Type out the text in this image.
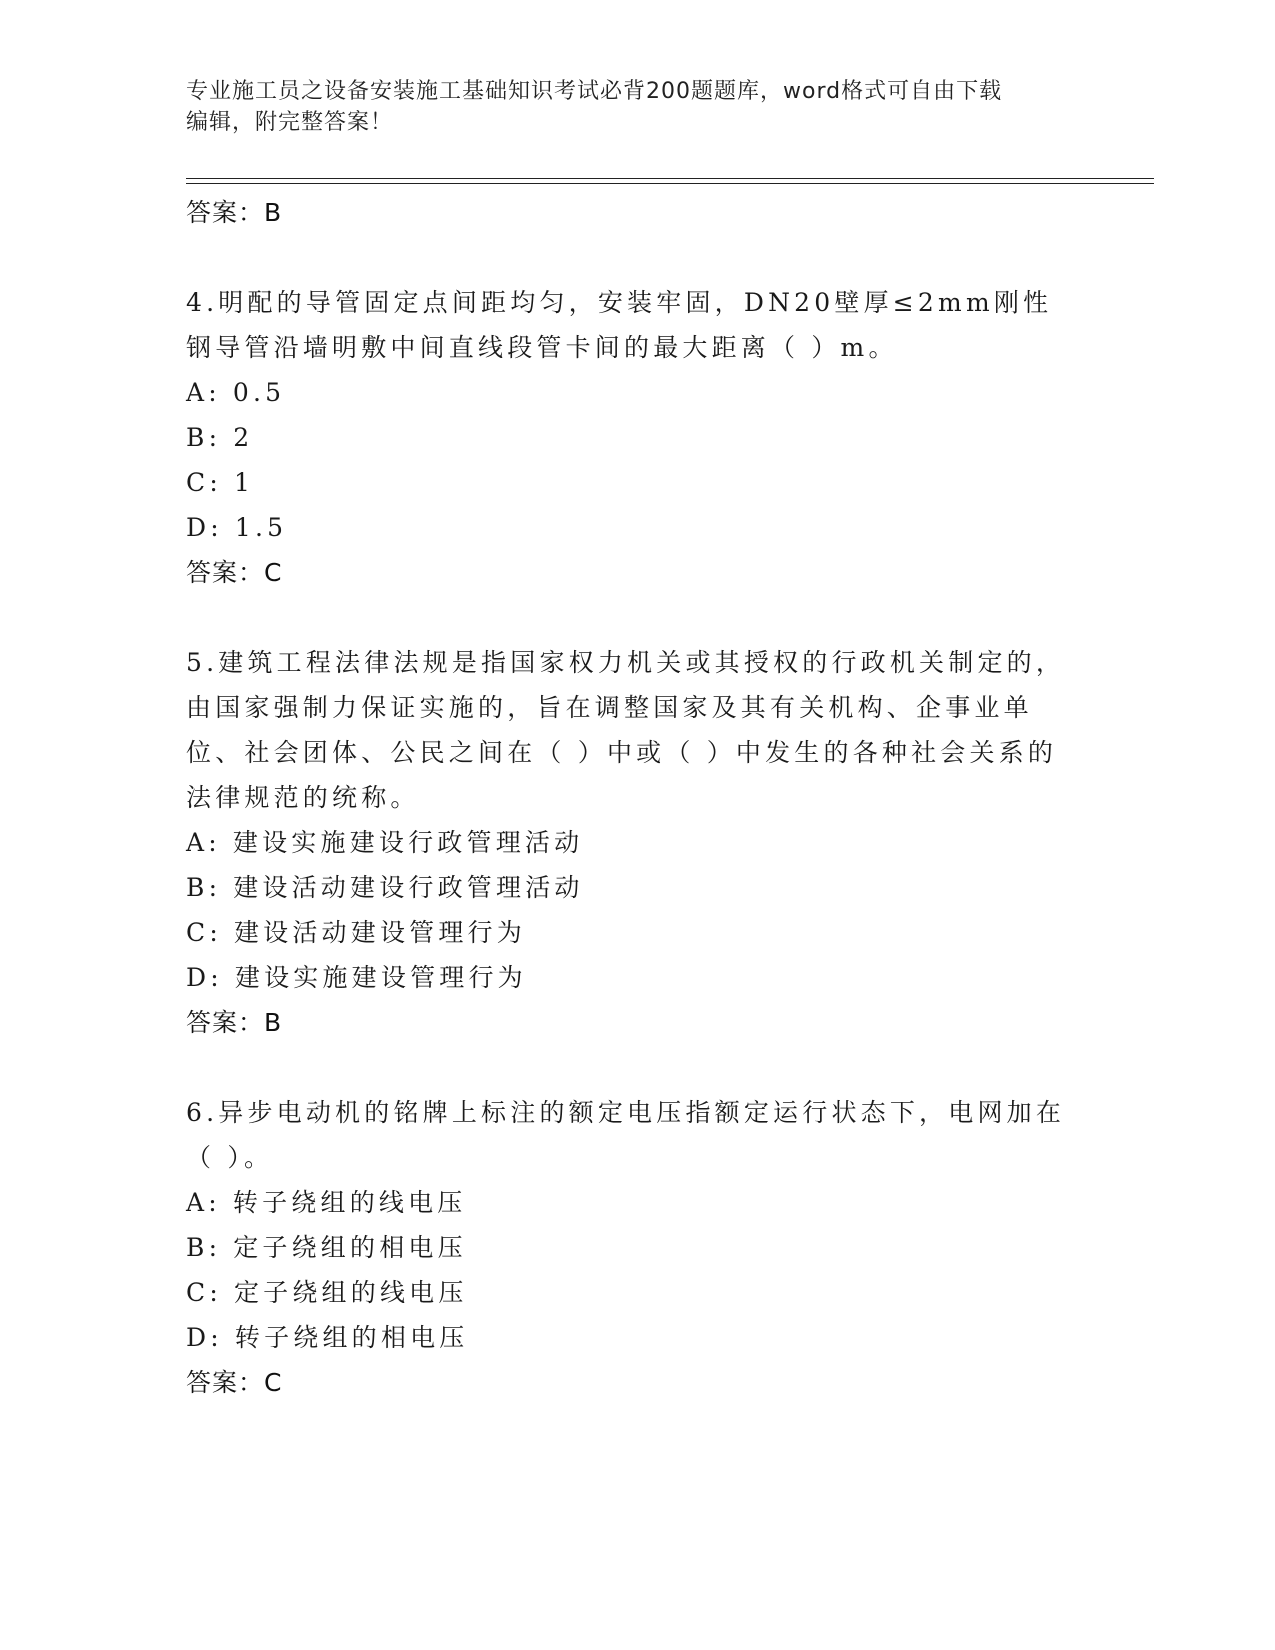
专业施工员之设备安装施工基础知识考试必背200题题库，word格式可自由下载
编辑，附完整答案！
答案：B
4.明配的导管固定点间距均匀，安装牢固，DN20壁厚≤2mm刚性钢导管沿墙明敷中间直线段管卡间的最大距离（ ）m。
A: 0.5
B: 2
C: 1
D: 1.5
答案：C
5.建筑工程法律法规是指国家权力机关或其授权的行政机关制定的，由国家强制力保证实施的，旨在调整国家及其有关机构、企事业单位、社会团体、公民之间在（ ）中或（ ）中发生的各种社会关系的法律规范的统称。
A: 建设实施建设行政管理活动
B: 建设活动建设行政管理活动
C: 建设活动建设管理行为
D: 建设实施建设管理行为
答案：B
6.异步电动机的铭牌上标注的额定电压指额定运行状态下，电网加在（ ）。
A: 转子绕组的线电压
B: 定子绕组的相电压
C: 定子绕组的线电压
D: 转子绕组的相电压
答案：C
